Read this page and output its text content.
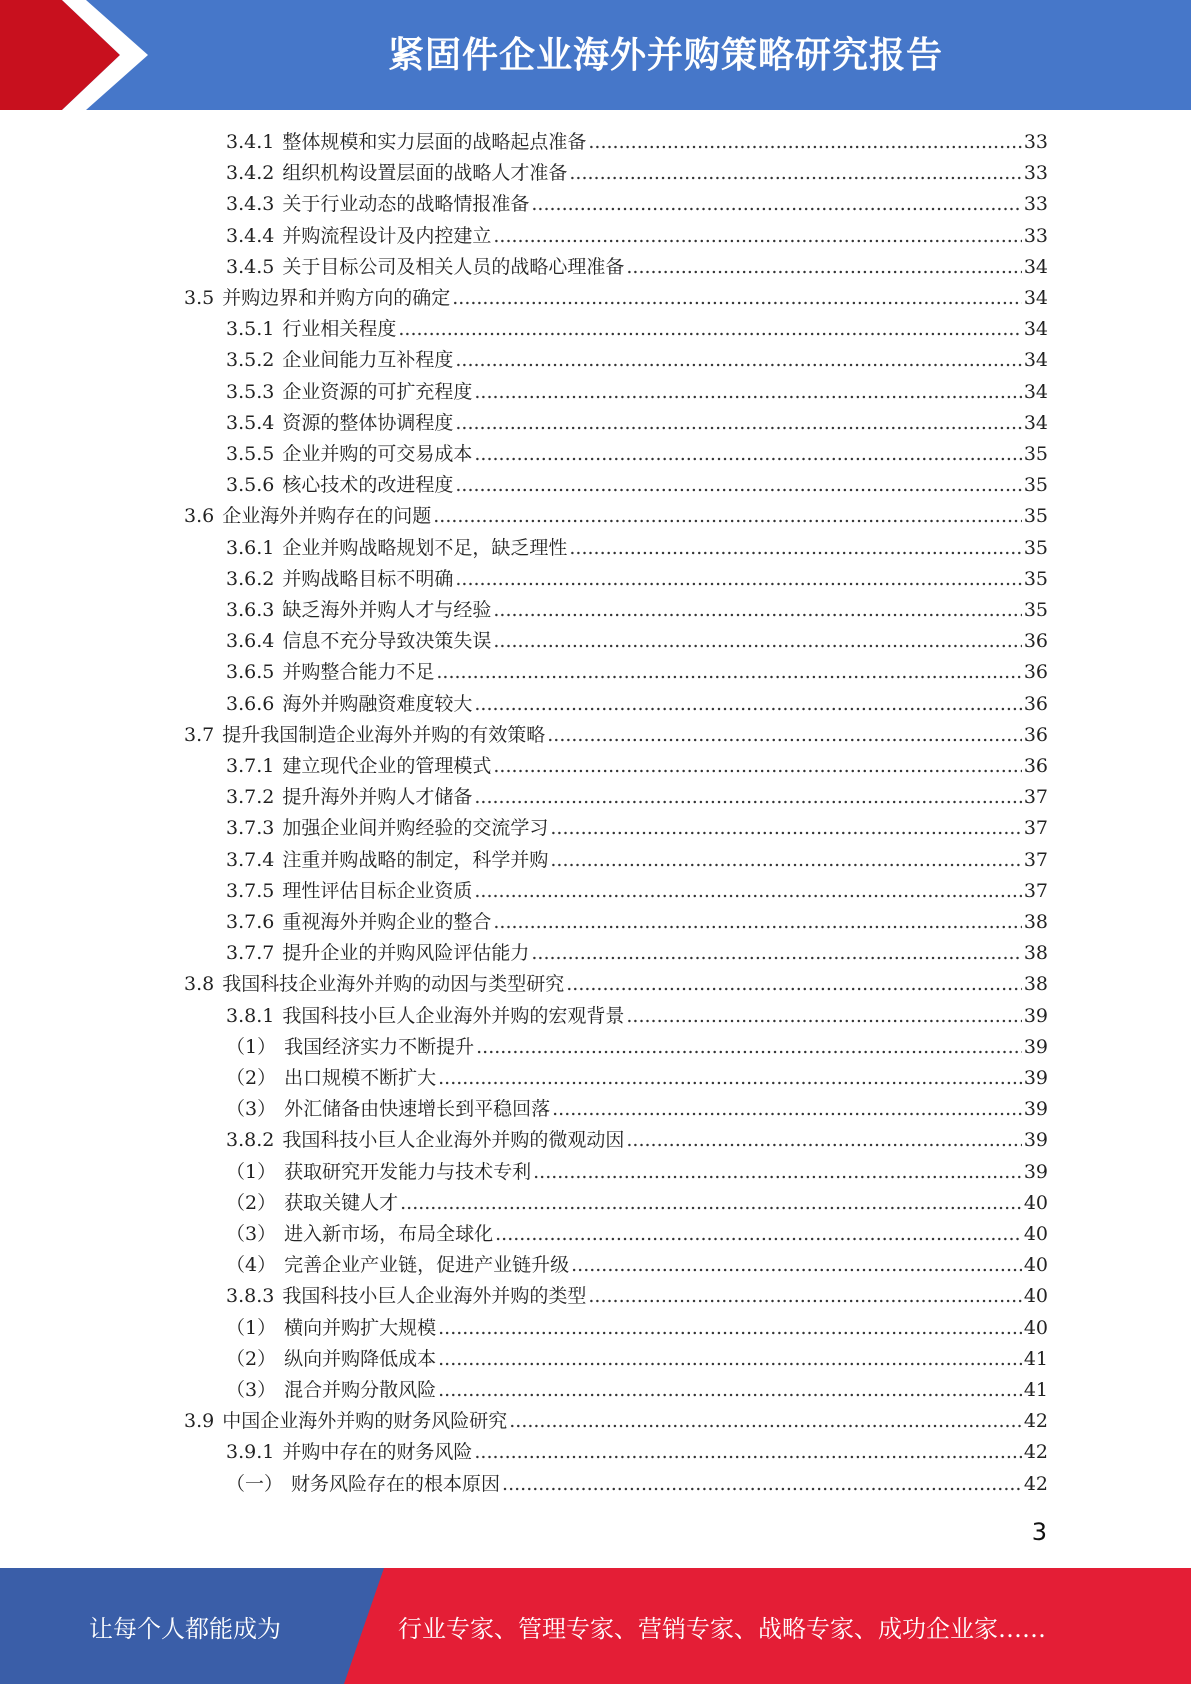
紧固件企业海外并购策略研究报告
3.4.1 整体规模和实力层面的战略起点准备 .....	33
3.4.2 组织机构设置层面的战略人才准备 .....	33
3.4.3 关于行业动态的战略情报准备 .....	33
3.4.4 并购流程设计及内控建立 .....	33
3.4.5 关于目标公司及相关人员的战略心理准备 .....	34
3.5 并购边界和并购方向的确定 .....	34
3.5.1 行业相关程度 .....	34
3.5.2 企业间能力互补程度 .....	34
3.5.3 企业资源的可扩充程度 .....	34
3.5.4 资源的整体协调程度 .....	34
3.5.5 企业并购的可交易成本 .....	35
3.5.6 核心技术的改进程度 .....	35
3.6 企业海外并购存在的问题 .....	35
3.6.1 企业并购战略规划不足，缺乏理性 .....	35
3.6.2 并购战略目标不明确 .....	35
3.6.3 缺乏海外并购人才与经验 .....	35
3.6.4 信息不充分导致决策失误 .....	36
3.6.5 并购整合能力不足 .....	36
3.6.6 海外并购融资难度较大 .....	36
3.7 提升我国制造企业海外并购的有效策略 .....	36
3.7.1 建立现代企业的管理模式 .....	36
3.7.2 提升海外并购人才储备 .....	37
3.7.3 加强企业间并购经验的交流学习 .....	37
3.7.4 注重并购战略的制定，科学并购 .....	37
3.7.5 理性评估目标企业资质 .....	37
3.7.6 重视海外并购企业的整合 .....	38
3.7.7 提升企业的并购风险评估能力 .....	38
3.8 我国科技企业海外并购的动因与类型研究 .....	38
3.8.1 我国科技小巨人企业海外并购的宏观背景 .....	39
（1） 我国经济实力不断提升 .....	39
（2） 出口规模不断扩大 .....	39
（3） 外汇储备由快速增长到平稳回落 .....	39
3.8.2 我国科技小巨人企业海外并购的微观动因 .....	39
（1） 获取研究开发能力与技术专利 .....	39
（2） 获取关键人才 .....	40
（3） 进入新市场，布局全球化 .....	40
（4） 完善企业产业链，促进产业链升级 .....	40
3.8.3 我国科技小巨人企业海外并购的类型 .....	40
（1） 横向并购扩大规模 .....	40
（2） 纵向并购降低成本 .....	41
（3） 混合并购分散风险 .....	41
3.9 中国企业海外并购的财务风险研究 .....	42
3.9.1 并购中存在的财务风险 .....	42
（一） 财务风险存在的根本原因 .....	42
3
让每个人都能成为	行业专家、管理专家、营销专家、战略专家、成功企业家……
